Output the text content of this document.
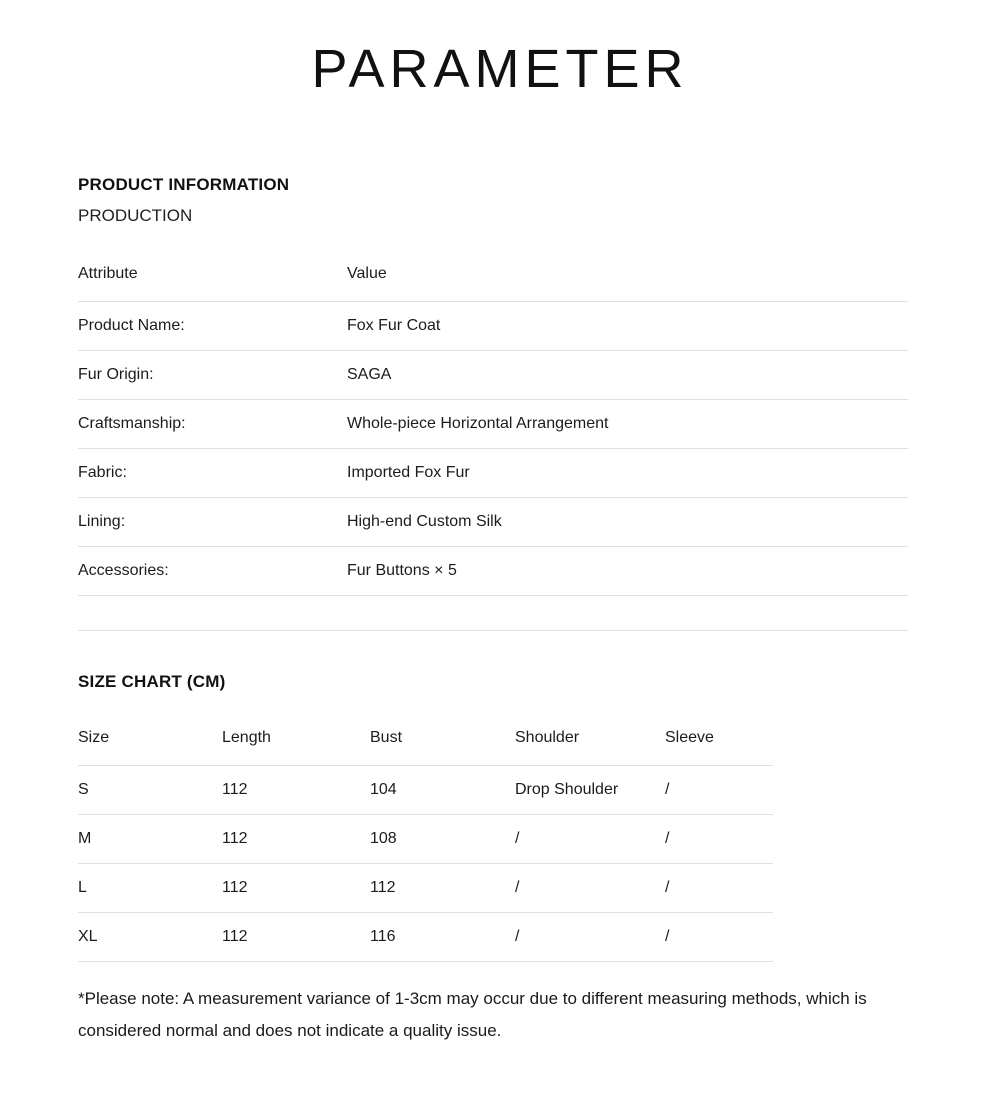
PARAMETER
PRODUCT INFORMATION
PRODUCTION
Attribute	Value
Product Name:	Fox Fur Coat
Fur Origin:	SAGA
Craftsmanship:	Whole-piece Horizontal Arrangement
Fabric:	Imported Fox Fur
Lining:	High-end Custom Silk
Accessories:	Fur Buttons × 5

SIZE CHART (CM)
Size	Length	Bust	Shoulder	Sleeve
S	112	104	Drop Shoulder	/
M	112	108	/	/
L	112	112	/	/
XL	112	116	/	/

*Please note: A measurement variance of 1-3cm may occur due to different measuring methods, which is considered normal and does not indicate a quality issue.
